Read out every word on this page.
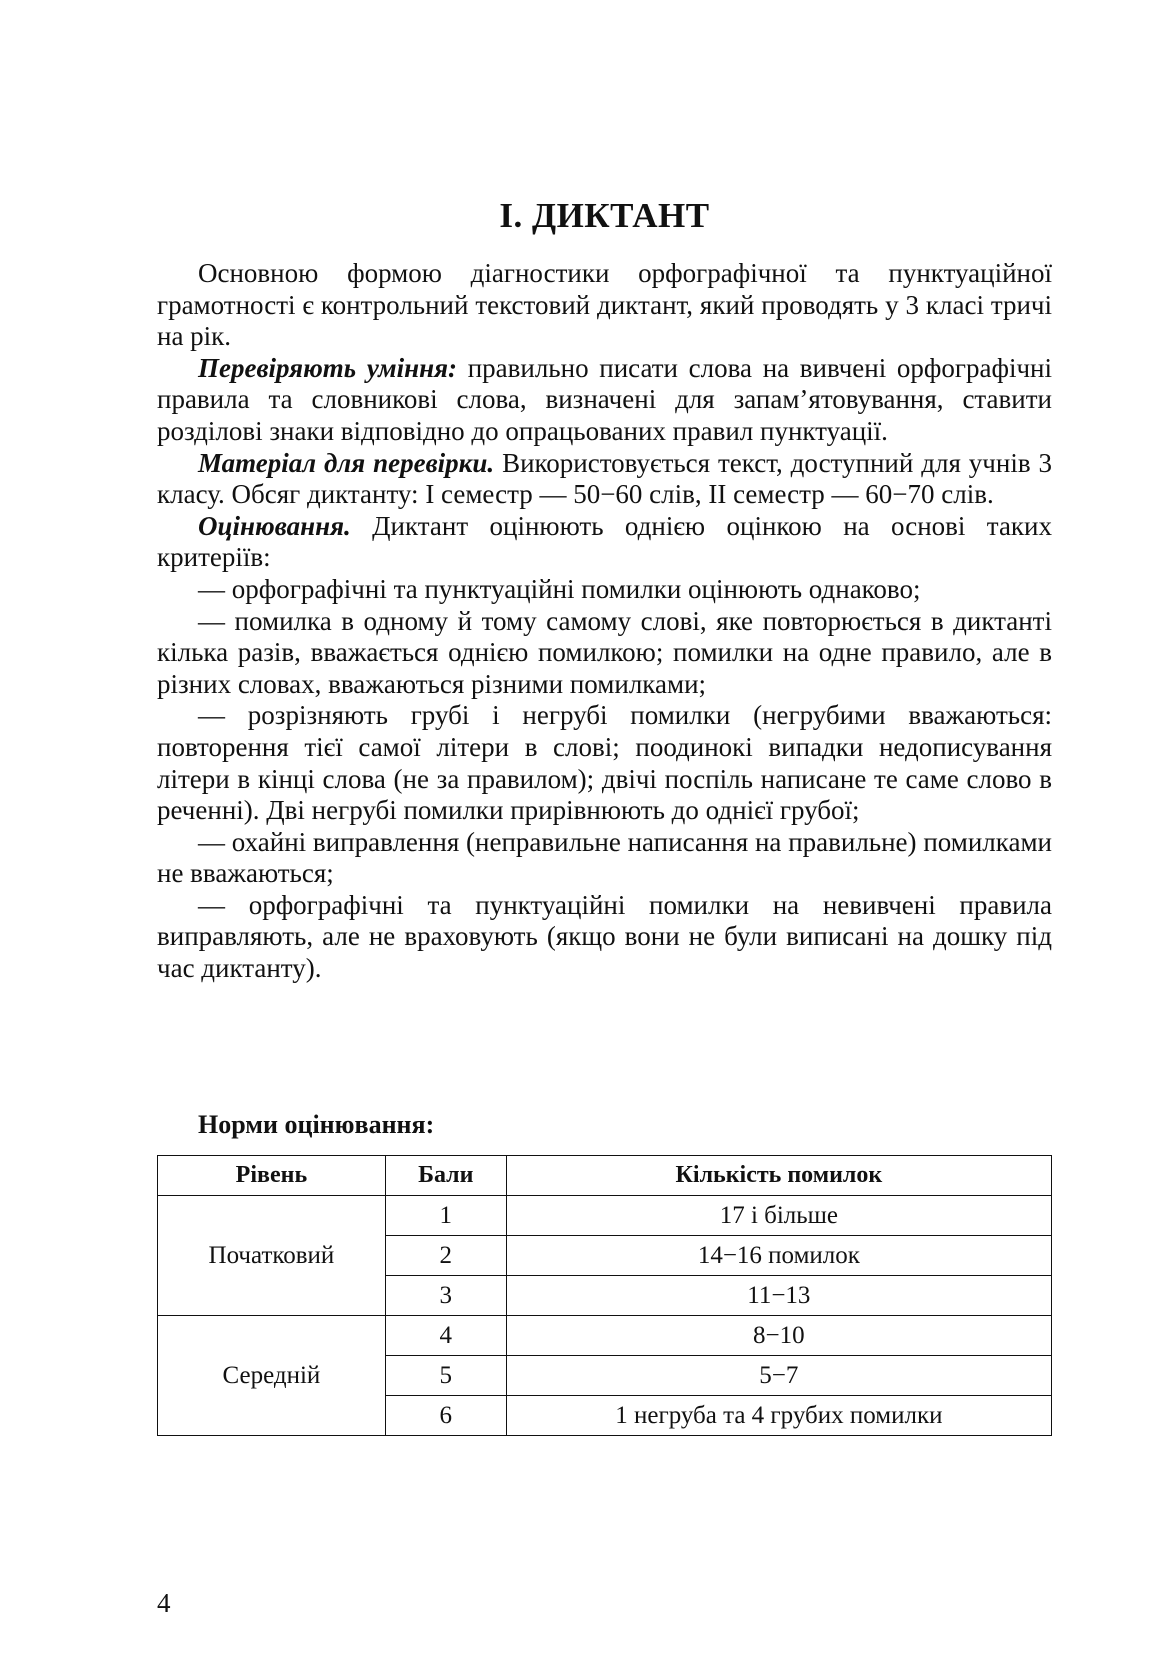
І. ДИКТАНТ

Основною формою діагностики орфографічної та пунктуаційної грамотності є контрольний текстовий диктант, який проводять у 3 класі тричі на рік.

Перевіряють уміння: правильно писати слова на вивчені орфографічні правила та словникові слова, визначені для запам’ятовування, ставити розділові знаки відповідно до опрацьованих правил пунктуації.

Матеріал для перевірки. Використовується текст, доступний для учнів 3 класу. Обсяг диктанту: І семестр — 50−60 слів, ІІ семестр — 60−70 слів.

Оцінювання. Диктант оцінюють однією оцінкою на основі таких критеріїв:

— орфографічні та пунктуаційні помилки оцінюють однаково;

— помилка в одному й тому самому слові, яке повторюється в диктанті кілька разів, вважається однією помилкою; помилки на одне правило, але в різних словах, вважаються різними помилками;

— розрізняють грубі і негрубі помилки (негрубими вважаються: повторення тієї самої літери в слові; поодинокі випадки недописування літери в кінці слова (не за правилом); двічі поспіль написане те саме слово в реченні). Дві негрубі помилки прирівнюють до однієї грубої;

— охайні виправлення (неправильне написання на правильне) помилками не вважаються;

— орфографічні та пунктуаційні помилки на невивчені правила виправляють, але не враховують (якщо вони не були виписані на дошку під час диктанту).

Норми оцінювання:

Рівень	Бали	Кількість помилок
Початковий	1	17 і більше
	2	14−16 помилок
	3	11−13
Середній	4	8−10
	5	5−7
	6	1 негруба та 4 грубих помилки

4
